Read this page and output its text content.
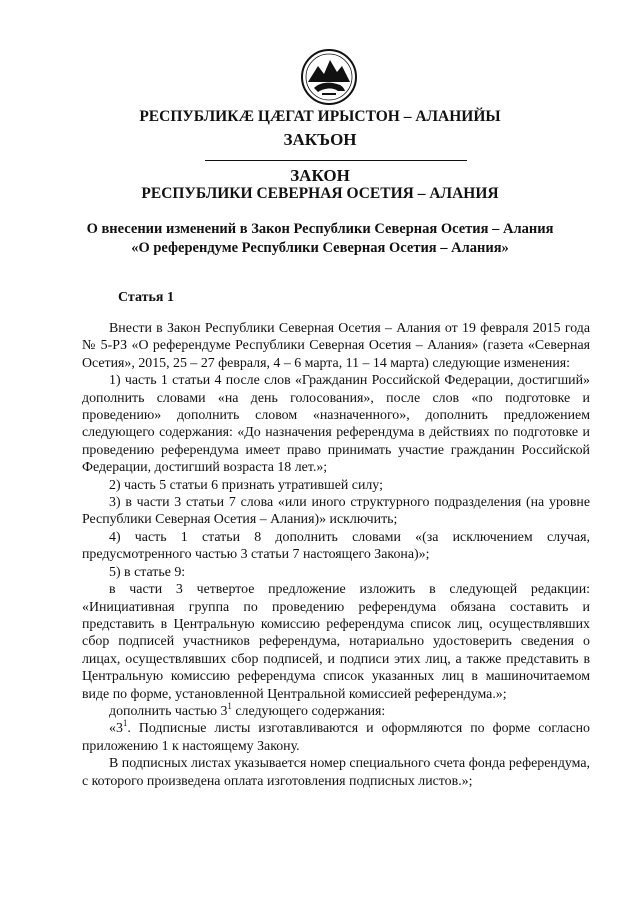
РЕСПУБЛИКӔ ЦӔГАТ ИРЫСТОН – АЛАНИЙЫ
ЗАКЪОН
ЗАКОН
РЕСПУБЛИКИ СЕВЕРНАЯ ОСЕТИЯ – АЛАНИЯ
О внесении изменений в Закон Республики Северная Осетия – Алания
«О референдуме Республики Северная Осетия – Алания»
Статья 1

Внести в Закон Республики Северная Осетия – Алания от 19 февраля 2015 года № 5-РЗ «О референдуме Республики Северная Осетия – Алания» (газета «Северная Осетия», 2015, 25 – 27 февраля, 4 – 6 марта, 11 – 14 марта) следующие изменения:

1) часть 1 статьи 4 после слов «Гражданин Российской Федерации, достигший» дополнить словами «на день голосования», после слов «по подготовке и проведению» дополнить словом «назначенного», дополнить предложением следующего содержания: «До назначения референдума в действиях по подготовке и проведению референдума имеет право принимать участие гражданин Российской Федерации, достигший возраста 18 лет.»;

2) часть 5 статьи 6 признать утратившей силу;

3) в части 3 статьи 7 слова «или иного структурного подразделения (на уровне Республики Северная Осетия – Алания)» исключить;

4) часть 1 статьи 8 дополнить словами «(за исключением случая, предусмотренного частью 3 статьи 7 настоящего Закона)»;

5) в статье 9:

в части 3 четвертое предложение изложить в следующей редакции: «Инициативная группа по проведению референдума обязана составить и представить в Центральную комиссию референдума список лиц, осуществлявших сбор подписей участников референдума, нотариально удостоверить сведения о лицах, осуществлявших сбор подписей, и подписи этих лиц, а также представить в Центральную комиссию референдума список указанных лиц в машиночитаемом виде по форме, установленной Центральной комиссией референдума.»;

дополнить частью $3^1$ следующего содержания:

«$3^1$. Подписные листы изготавливаются и оформляются по форме согласно приложению 1 к настоящему Закону.

В подписных листах указывается номер специального счета фонда референдума, с которого произведена оплата изготовления подписных листов.»;
